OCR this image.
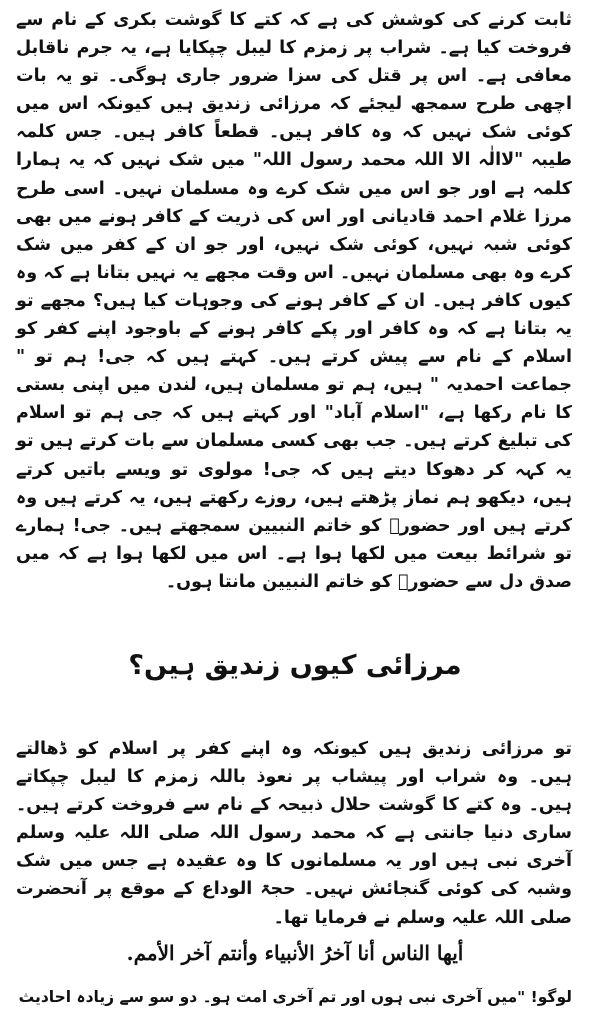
ثابت کرنے کی کوشش کی ہے کہ کتے کا گوشت بکری کے نام سے فروخت کیا ہے۔ شراب پر زمزم کا لیبل چپکایا ہے، یہ جرم ناقابل معافی ہے۔ اس پر قتل کی سزا ضرور جاری ہوگی۔ تو یہ بات اچھی طرح سمجھ لیجئے کہ مرزائی زندیق ہیں کیونکہ اس میں کوئی شک نہیں کہ وہ کافر ہیں۔ قطعاً کافر ہیں۔ جس کلمہ طیبہ "لاالٰہ الا اللہ محمد رسول اللہ" میں شک نہیں کہ یہ ہمارا کلمہ ہے اور جو اس میں شک کرے وہ مسلمان نہیں۔ اسی طرح مرزا غلام احمد قادیانی اور اس کی ذریت کے کافر ہونے میں بھی کوئی شبہ نہیں، کوئی شک نہیں، اور جو ان کے کفر میں شک کرے وہ بھی مسلمان نہیں۔ اس وقت مجھے یہ نہیں بتانا ہے کہ وہ کیوں کافر ہیں۔ ان کے کافر ہونے کی وجوہات کیا ہیں؟ مجھے تو یہ بتانا ہے کہ وہ کافر اور پکے کافر ہونے کے باوجود اپنے کفر کو اسلام کے نام سے پیش کرتے ہیں۔ کہتے ہیں کہ جی! ہم تو " جماعت احمدیہ " ہیں، ہم تو مسلمان ہیں، لندن میں اپنی بستی کا نام رکھا ہے، "اسلام آباد" اور کہتے ہیں کہ جی ہم تو اسلام کی تبلیغ کرتے ہیں۔ جب بھی کسی مسلمان سے بات کرتے ہیں تو یہ کہہ کر دھوکا دیتے ہیں کہ جی! مولوی تو ویسے باتیں کرتے ہیں، دیکھو ہم نماز پڑھتے ہیں، روزے رکھتے ہیں، یہ کرتے ہیں وہ کرتے ہیں اور حضورؐ کو خاتم النبیین سمجھتے ہیں۔ جی! ہمارے تو شرائط بیعت میں لکھا ہوا ہے۔ اس میں لکھا ہوا ہے کہ میں صدق دل سے حضورؐ کو خاتم النبیین مانتا ہوں۔

مرزائی کیوں زندیق ہیں؟

تو مرزائی زندیق ہیں کیونکہ وہ اپنے کفر پر اسلام کو ڈھالتے ہیں۔ وہ شراب اور پیشاب پر نعوذ باللہ زمزم کا لیبل چپکاتے ہیں۔ وہ کتے کا گوشت حلال ذبیحہ کے نام سے فروخت کرتے ہیں۔ ساری دنیا جانتی ہے کہ محمد رسول اللہ صلی اللہ علیہ وسلم آخری نبی ہیں اور یہ مسلمانوں کا وہ عقیدہ ہے جس میں شک وشبہ کی کوئی گنجائش نہیں۔ حجۃ الوداع کے موقع پر آنحضرت صلی اللہ علیہ وسلم نے فرمایا تھا۔

أيها الناس أنا آخرُ الأنبياء وأنتم آخر الأمم.

لوگو! "میں آخری نبی ہوں اور تم آخری امت ہو۔ دو سو سے زیادہ احادیث
